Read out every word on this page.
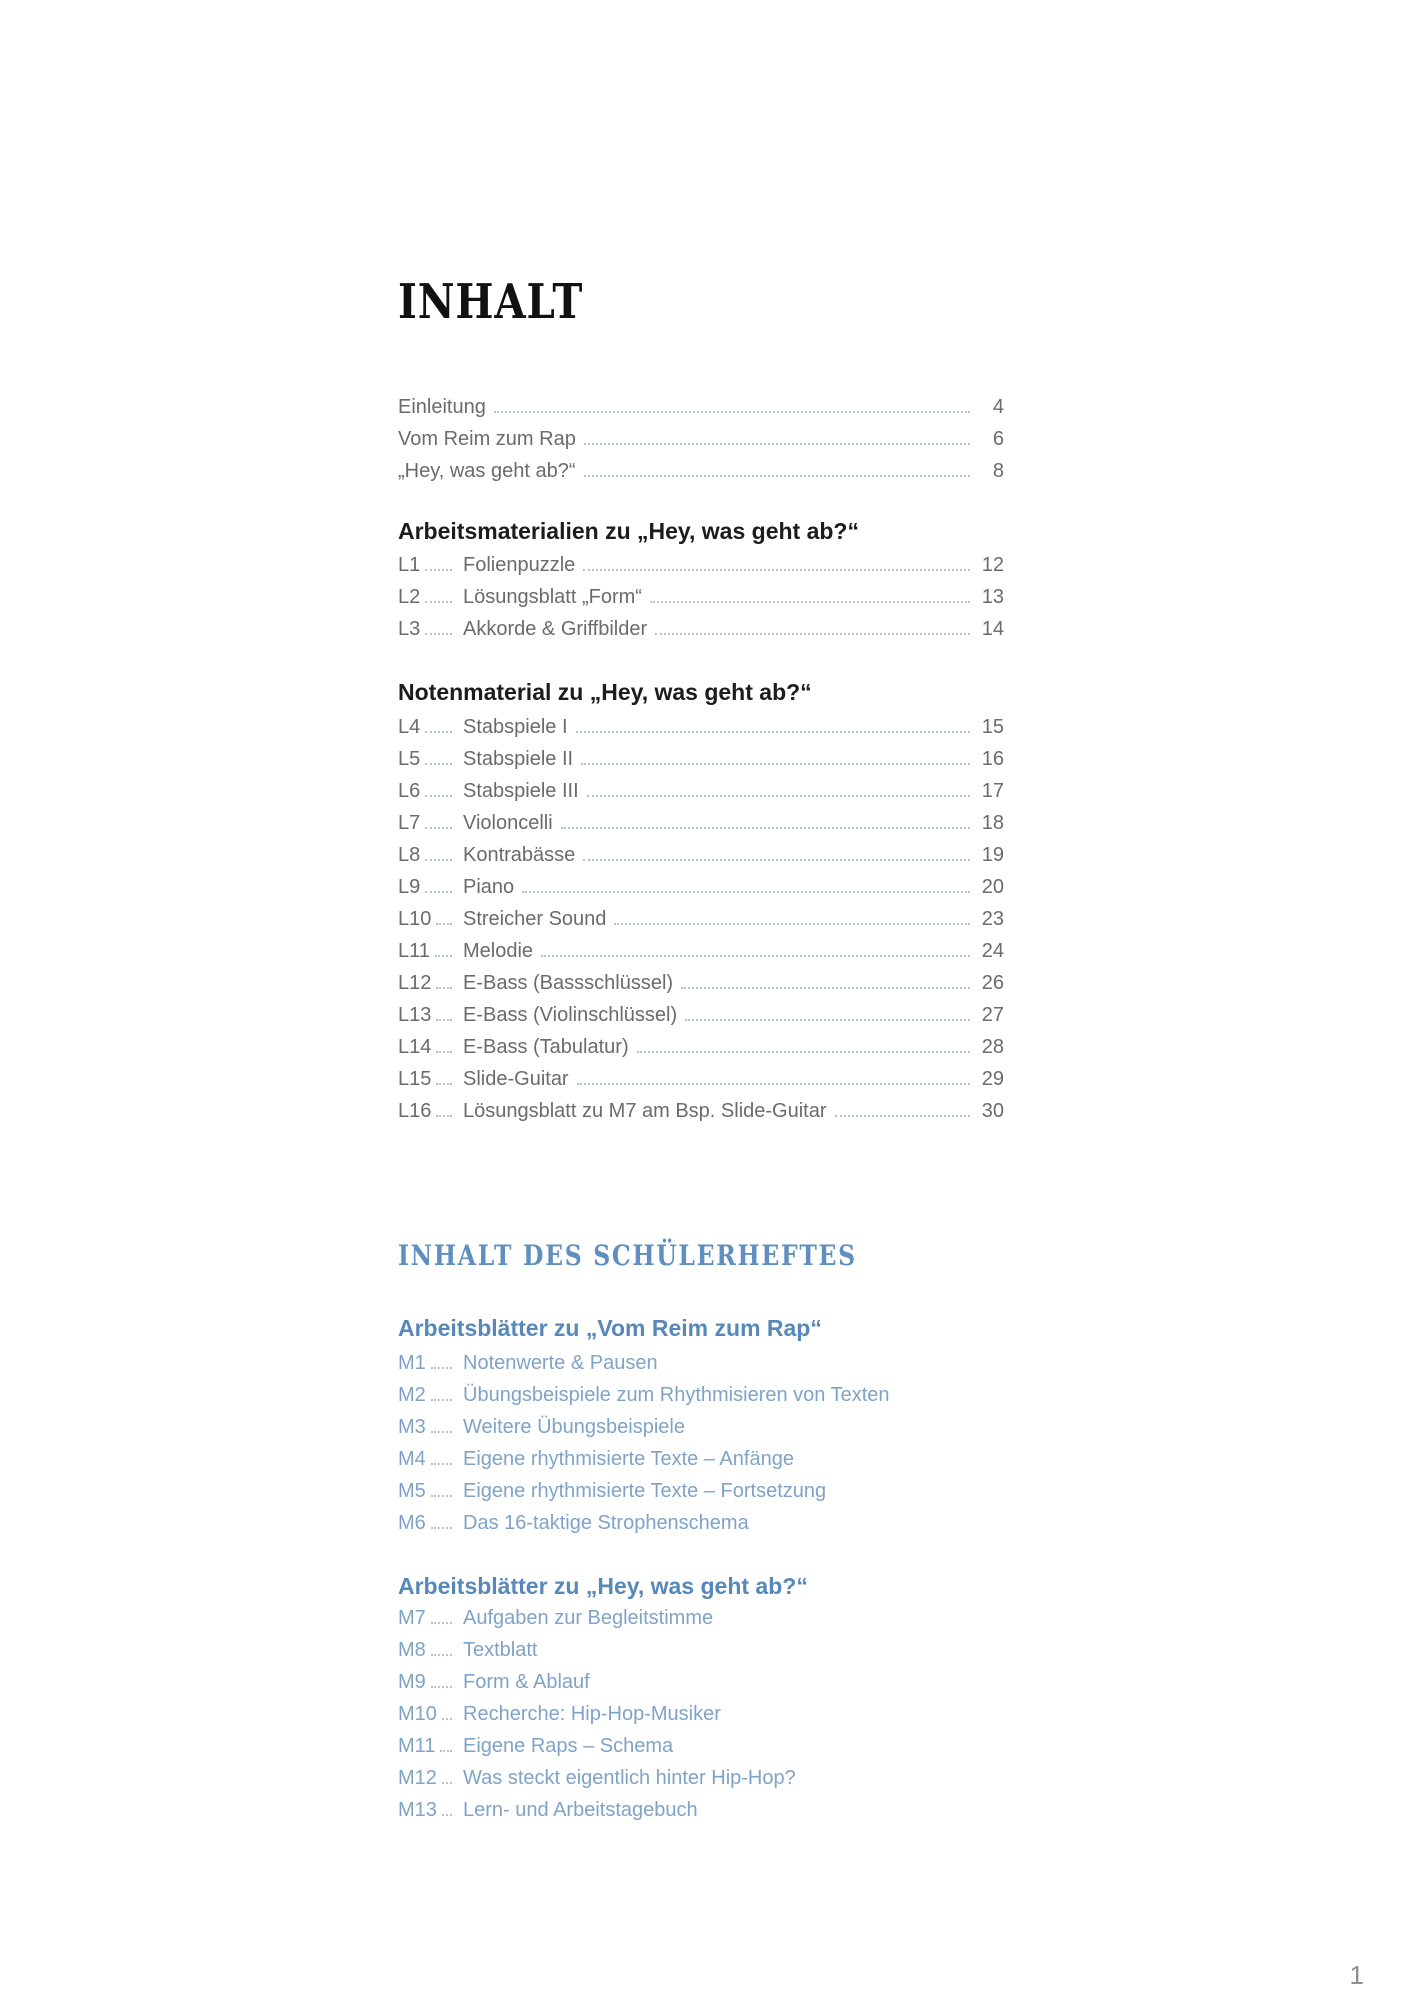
INHALT
Einleitung	4
Vom Reim zum Rap	6
„Hey, was geht ab?“	8
Arbeitsmaterialien zu „Hey, was geht ab?“
L1 Folienpuzzle	12
L2 Lösungsblatt „Form“	13
L3 Akkorde & Griffbilder	14
Notenmaterial zu „Hey, was geht ab?“
L4 Stabspiele I	15
L5 Stabspiele II	16
L6 Stabspiele III	17
L7 Violoncelli	18
L8 Kontrabässe	19
L9 Piano	20
L10 Streicher Sound	23
L11 Melodie	24
L12 E-Bass (Bassschlüssel)	26
L13 E-Bass (Violinschlüssel)	27
L14 E-Bass (Tabulatur)	28
L15 Slide-Guitar	29
L16 Lösungsblatt zu M7 am Bsp. Slide-Guitar	30
INHALT DES SCHÜLERHEFTES
Arbeitsblätter zu „Vom Reim zum Rap“
M1 Notenwerte & Pausen
M2 Übungsbeispiele zum Rhythmisieren von Texten
M3 Weitere Übungsbeispiele
M4 Eigene rhythmisierte Texte – Anfänge
M5 Eigene rhythmisierte Texte – Fortsetzung
M6 Das 16-taktige Strophenschema
Arbeitsblätter zu „Hey, was geht ab?“
M7 Aufgaben zur Begleitstimme
M8 Textblatt
M9 Form & Ablauf
M10 Recherche: Hip-Hop-Musiker
M11 Eigene Raps – Schema
M12 Was steckt eigentlich hinter Hip-Hop?
M13 Lern- und Arbeitstagebuch
1
